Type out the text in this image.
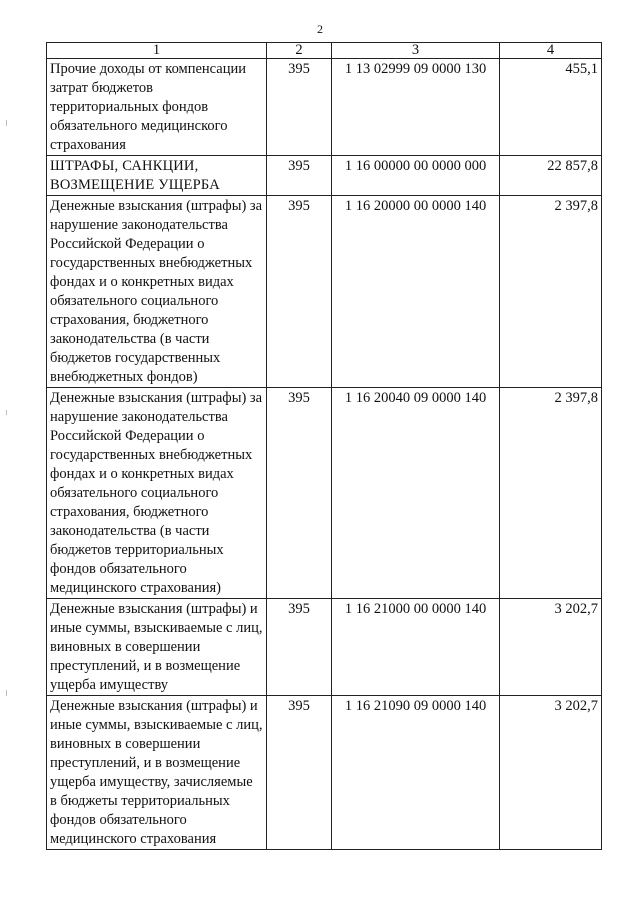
2
1	2	3	4
Прочие доходы от компенсации затрат бюджетов территориальных фондов обязательного медицинского страхования	395	1 13 02999 09 0000 130	455,1
ШТРАФЫ, САНКЦИИ, ВОЗМЕЩЕНИЕ УЩЕРБА	395	1 16 00000 00 0000 000	22 857,8
Денежные взыскания (штрафы) за нарушение законодательства Российской Федерации о государственных внебюджетных фондах и о конкретных видах обязательного социального страхования, бюджетного законодательства (в части бюджетов государственных внебюджетных фондов)	395	1 16 20000 00 0000 140	2 397,8
Денежные взыскания (штрафы) за нарушение законодательства Российской Федерации о государственных внебюджетных фондах и о конкретных видах обязательного социального страхования, бюджетного законодательства (в части бюджетов территориальных фондов обязательного медицинского страхования)	395	1 16 20040 09 0000 140	2 397,8
Денежные взыскания (штрафы) и иные суммы, взыскиваемые с лиц, виновных в совершении преступлений, и в возмещение ущерба имуществу	395	1 16 21000 00 0000 140	3 202,7
Денежные взыскания (штрафы) и иные суммы, взыскиваемые с лиц, виновных в совершении преступлений, и в возмещение ущерба имуществу, зачисляемые в бюджеты территориальных фондов обязательного медицинского страхования	395	1 16 21090 09 0000 140	3 202,7
